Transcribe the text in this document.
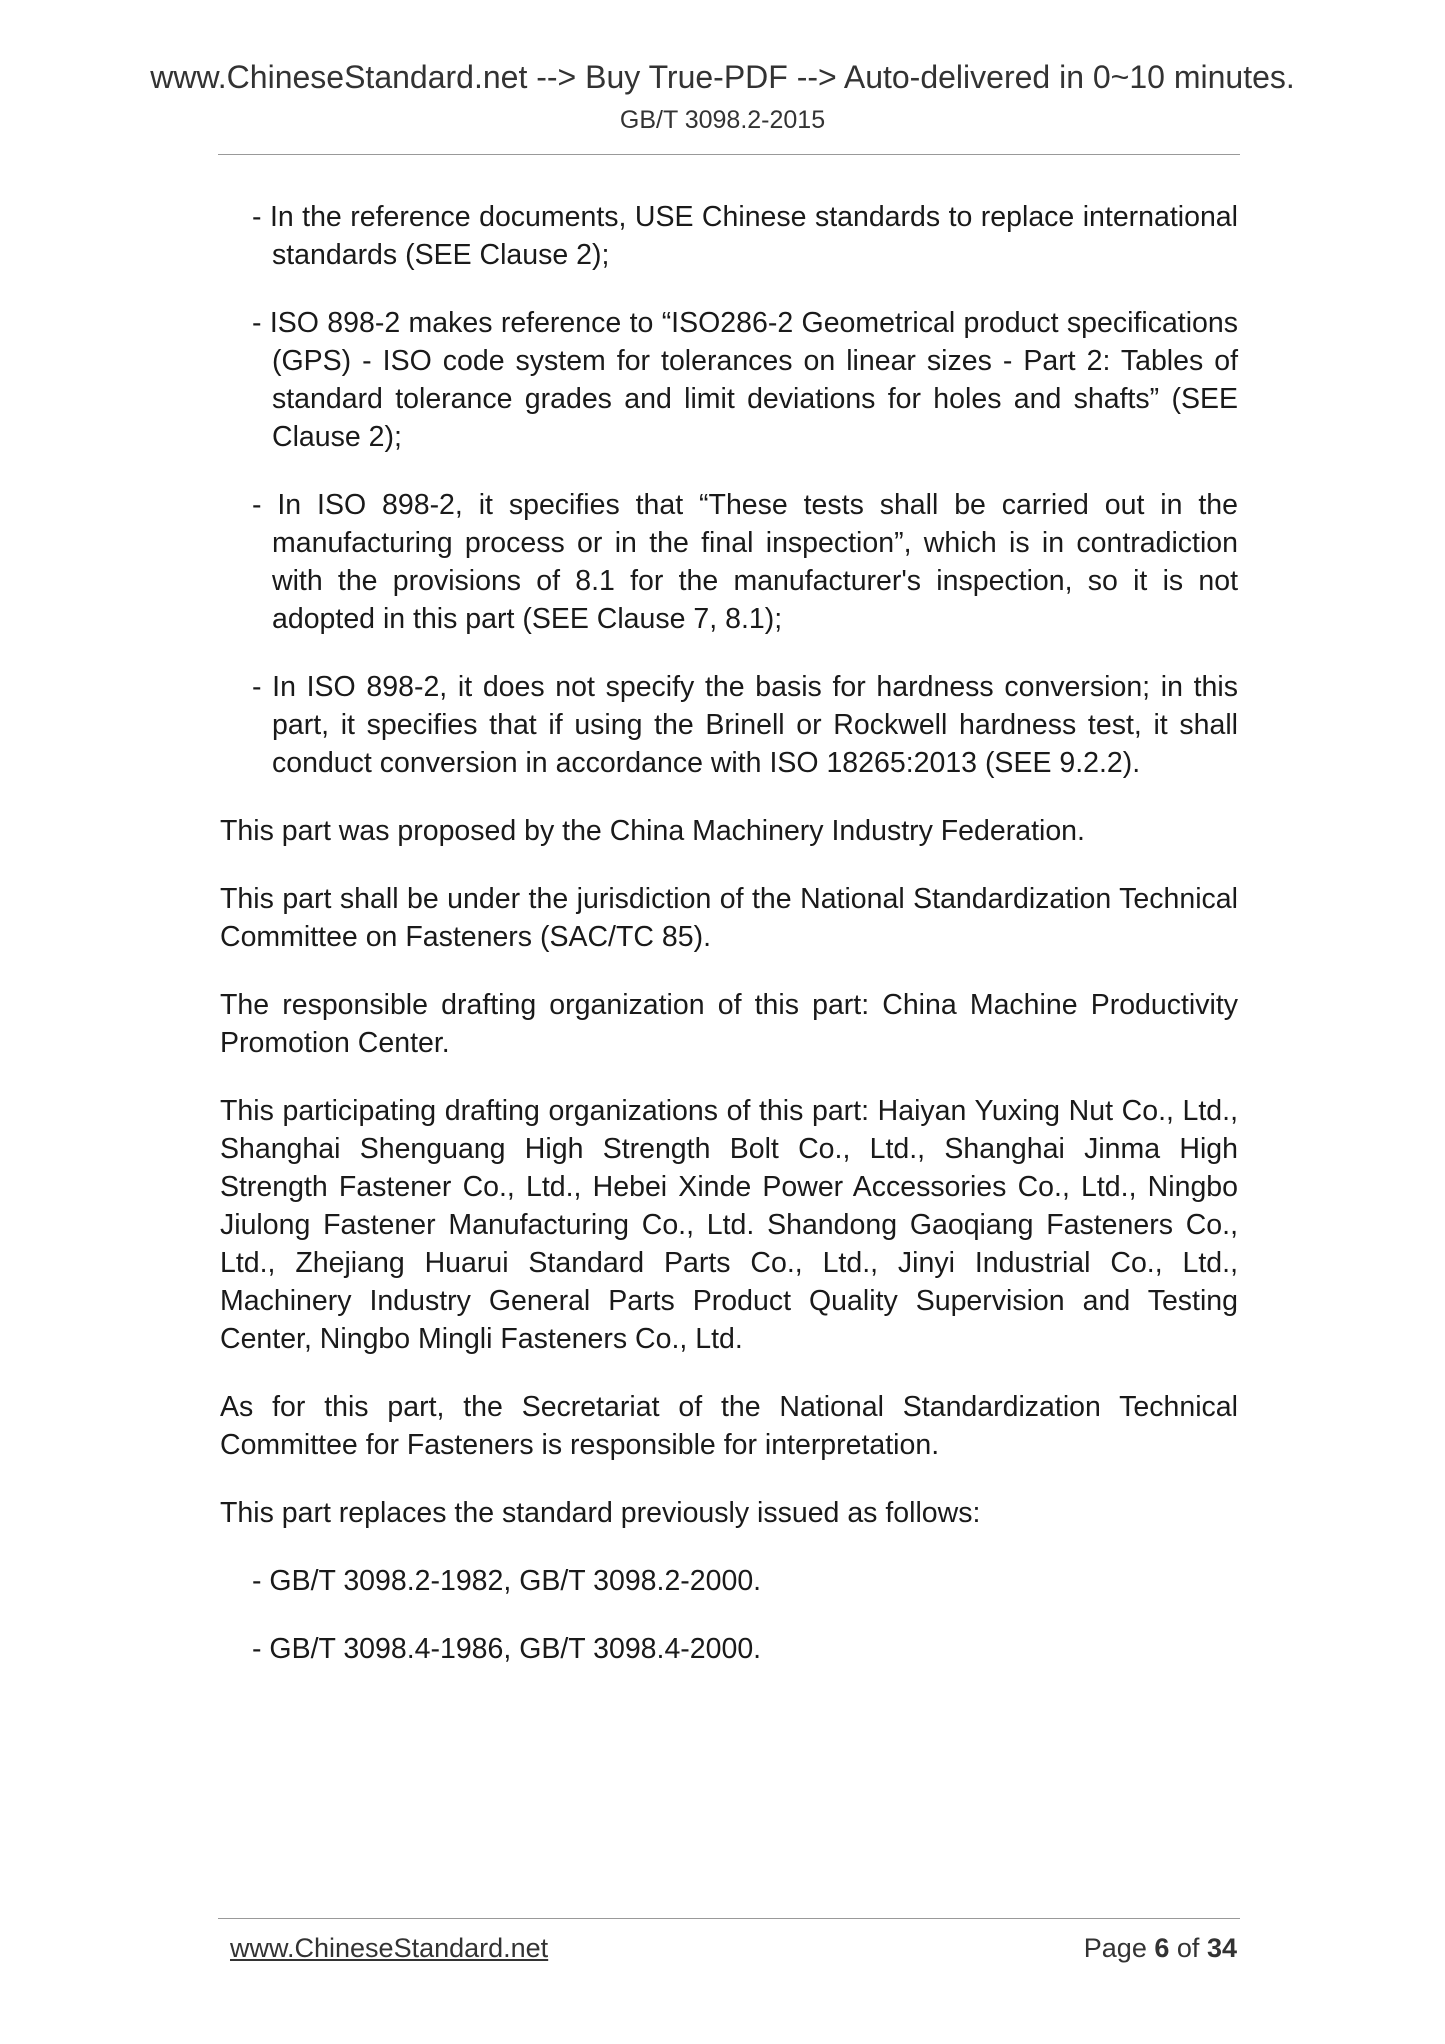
www.ChineseStandard.net --> Buy True-PDF --> Auto-delivered in 0~10 minutes.
GB/T 3098.2-2015

- In the reference documents, USE Chinese standards to replace international standards (SEE Clause 2);

- ISO 898-2 makes reference to “ISO286-2 Geometrical product specifications (GPS) - ISO code system for tolerances on linear sizes - Part 2: Tables of standard tolerance grades and limit deviations for holes and shafts” (SEE Clause 2);

- In ISO 898-2, it specifies that “These tests shall be carried out in the manufacturing process or in the final inspection”, which is in contradiction with the provisions of 8.1 for the manufacturer's inspection, so it is not adopted in this part (SEE Clause 7, 8.1);

- In ISO 898-2, it does not specify the basis for hardness conversion; in this part, it specifies that if using the Brinell or Rockwell hardness test, it shall conduct conversion in accordance with ISO 18265:2013 (SEE 9.2.2).

This part was proposed by the China Machinery Industry Federation.

This part shall be under the jurisdiction of the National Standardization Technical Committee on Fasteners (SAC/TC 85).

The responsible drafting organization of this part: China Machine Productivity Promotion Center.

This participating drafting organizations of this part: Haiyan Yuxing Nut Co., Ltd., Shanghai Shenguang High Strength Bolt Co., Ltd., Shanghai Jinma High Strength Fastener Co., Ltd., Hebei Xinde Power Accessories Co., Ltd., Ningbo Jiulong Fastener Manufacturing Co., Ltd. Shandong Gaoqiang Fasteners Co., Ltd., Zhejiang Huarui Standard Parts Co., Ltd., Jinyi Industrial Co., Ltd., Machinery Industry General Parts Product Quality Supervision and Testing Center, Ningbo Mingli Fasteners Co., Ltd.

As for this part, the Secretariat of the National Standardization Technical Committee for Fasteners is responsible for interpretation.

This part replaces the standard previously issued as follows:

- GB/T 3098.2-1982, GB/T 3098.2-2000.

- GB/T 3098.4-1986, GB/T 3098.4-2000.

www.ChineseStandard.net	Page 6 of 34
